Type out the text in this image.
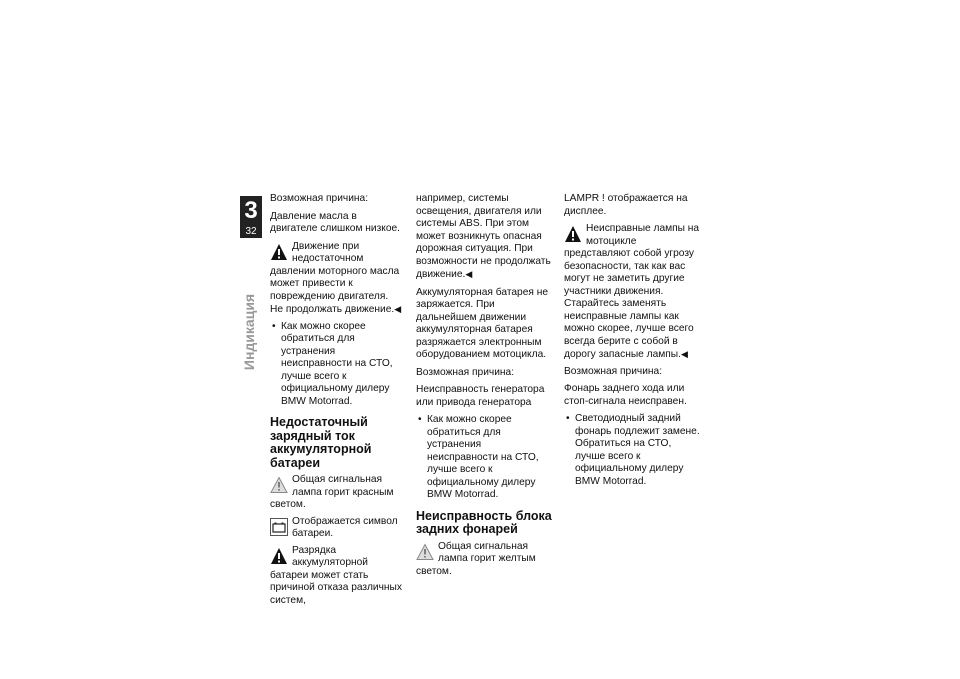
3
32
Индикация

Возможная причина:

Давление масла в двигателе слишком низкое.

Движение при недостаточном давлении моторного масла может привести к повреждению двигателя.
Не продолжать движение.◀
• Как можно скорее обратиться для устранения неисправности на СТО, лучше всего к официальному дилеру BMW Motorrad.
Недостаточный зарядный ток аккумуляторной батареи
Общая сигнальная лампа горит красным светом.
Отображается символ батареи.
Разрядка аккумуляторной батареи может стать причиной отказа различных систем,

например, системы освещения, двигателя или системы ABS. При этом может возникнуть опасная дорожная ситуация. При возможности не продолжать движение.◀

Аккумуляторная батарея не заряжается. При дальнейшем движении аккумуляторная батарея разряжается электронным оборудованием мотоцикла.

Возможная причина:

Неисправность генератора или привода генератора

• Как можно скорее обратиться для устранения неисправности на СТО, лучше всего к официальному дилеру BMW Motorrad.
Неисправность блока задних фонарей
Общая сигнальная лампа горит желтым светом.

LAMPR ! отображается на дисплее.

Неисправные лампы на мотоцикле представляют собой угрозу безопасности, так как вас могут не заметить другие участники движения.
Старайтесь заменять неисправные лампы как можно скорее, лучше всего всегда берите с собой в дорогу запасные лампы.◀

Возможная причина:

Фонарь заднего хода или стоп-сигнала неисправен.

• Светодиодный задний фонарь подлежит замене. Обратиться на СТО, лучше всего к официальному дилеру BMW Motorrad.
